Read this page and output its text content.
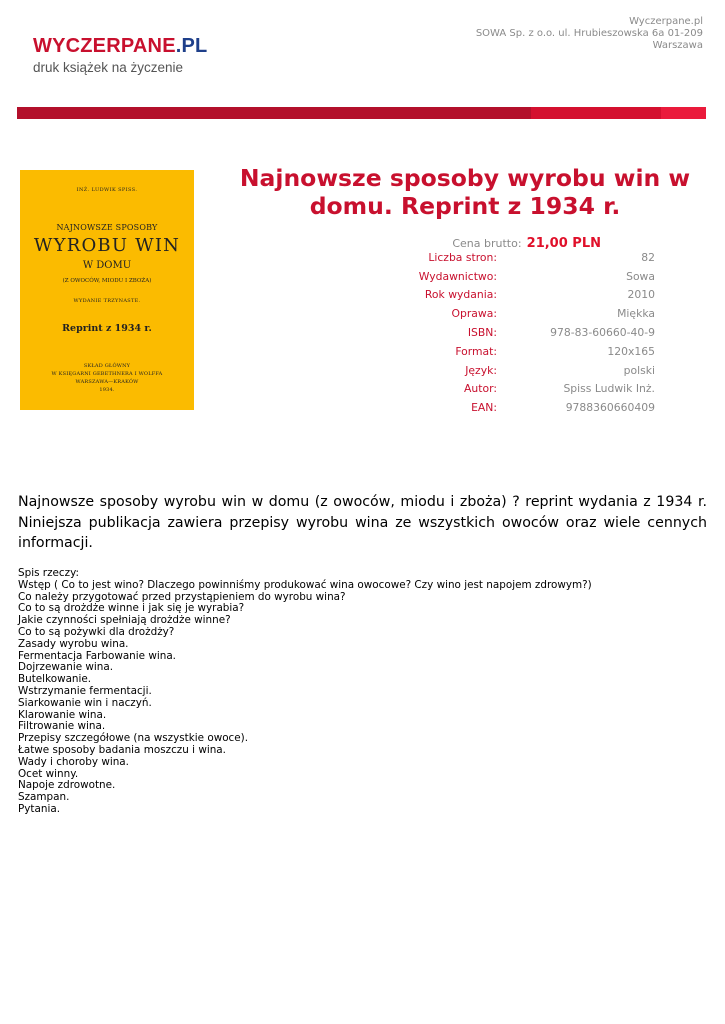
WYCZERPANE.PL
druk książek na życzenie
Wyczerpane.pl
SOWA Sp. z o.o. ul. Hrubieszowska 6a 01-209
Warszawa
INŻ. LUDWIK SPISS.
NAJNOWSZE SPOSOBY
WYROBU WIN
W DOMU
(Z OWOCÓW, MIODU I ZBOŻA)
WYDANIE TRZYNASTE.
Reprint z 1934 r.
SKŁAD GŁÓWNY
W KSIĘGARNI GEBETHNERA I WOLFFA
WARSZAWA—KRAKÓW
1934.
Najnowsze sposoby wyrobu win w domu. Reprint z 1934 r.
Cena brutto: 21,00 PLN
Liczba stron:	82
Wydawnictwo:	Sowa
Rok wydania:	2010
Oprawa:	Miękka
ISBN:	978-83-60660-40-9
Format:	120x165
Język:	polski
Autor:	Spiss Ludwik Inż.
EAN:	9788360660409
Najnowsze sposoby wyrobu win w domu (z owoców, miodu i zboża) ? reprint wydania z 1934 r. Niniejsza publikacja zawiera przepisy wyrobu wina ze wszystkich owoców oraz wiele cennych informacji.
Spis rzeczy:
Wstęp ( Co to jest wino? Dlaczego powinniśmy produkować wina owocowe? Czy wino jest napojem zdrowym?)
Co należy przygotować przed przystąpieniem do wyrobu wina?
Co to są drożdże winne i jak się je wyrabia?
Jakie czynności spełniają drożdże winne?
Co to są pożywki dla drożdży?
Zasady wyrobu wina.
Fermentacja Farbowanie wina.
Dojrzewanie wina.
Butelkowanie.
Wstrzymanie fermentacji.
Siarkowanie win i naczyń.
Klarowanie wina.
Filtrowanie wina.
Przepisy szczegółowe (na wszystkie owoce).
Łatwe sposoby badania moszczu i wina.
Wady i choroby wina.
Ocet winny.
Napoje zdrowotne.
Szampan.
Pytania.
